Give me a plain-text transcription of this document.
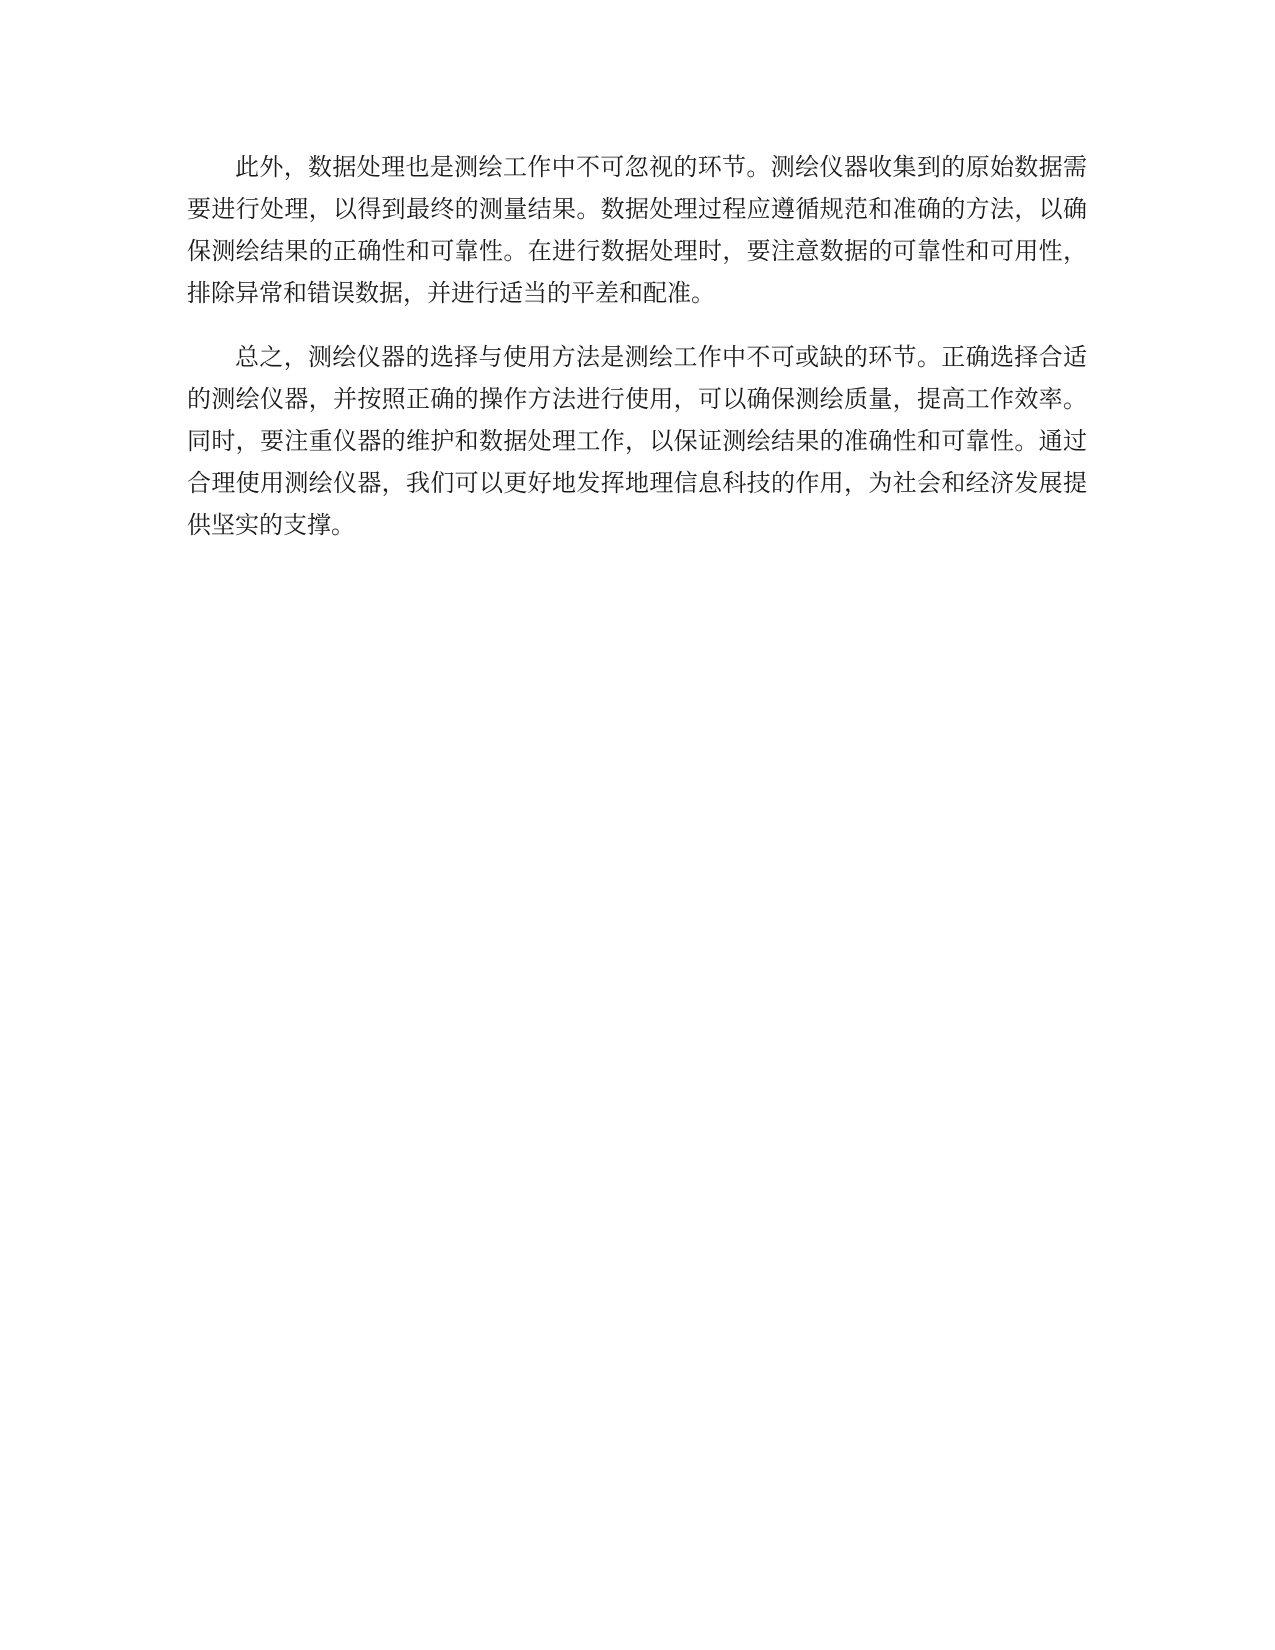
此外，数据处理也是测绘工作中不可忽视的环节。测绘仪器收集到的原始数据需要进行处理，以得到最终的测量结果。数据处理过程应遵循规范和准确的方法，以确保测绘结果的正确性和可靠性。在进行数据处理时，要注意数据的可靠性和可用性，排除异常和错误数据，并进行适当的平差和配准。

总之，测绘仪器的选择与使用方法是测绘工作中不可或缺的环节。正确选择合适的测绘仪器，并按照正确的操作方法进行使用，可以确保测绘质量，提高工作效率。同时，要注重仪器的维护和数据处理工作，以保证测绘结果的准确性和可靠性。通过合理使用测绘仪器，我们可以更好地发挥地理信息科技的作用，为社会和经济发展提供坚实的支撑。
